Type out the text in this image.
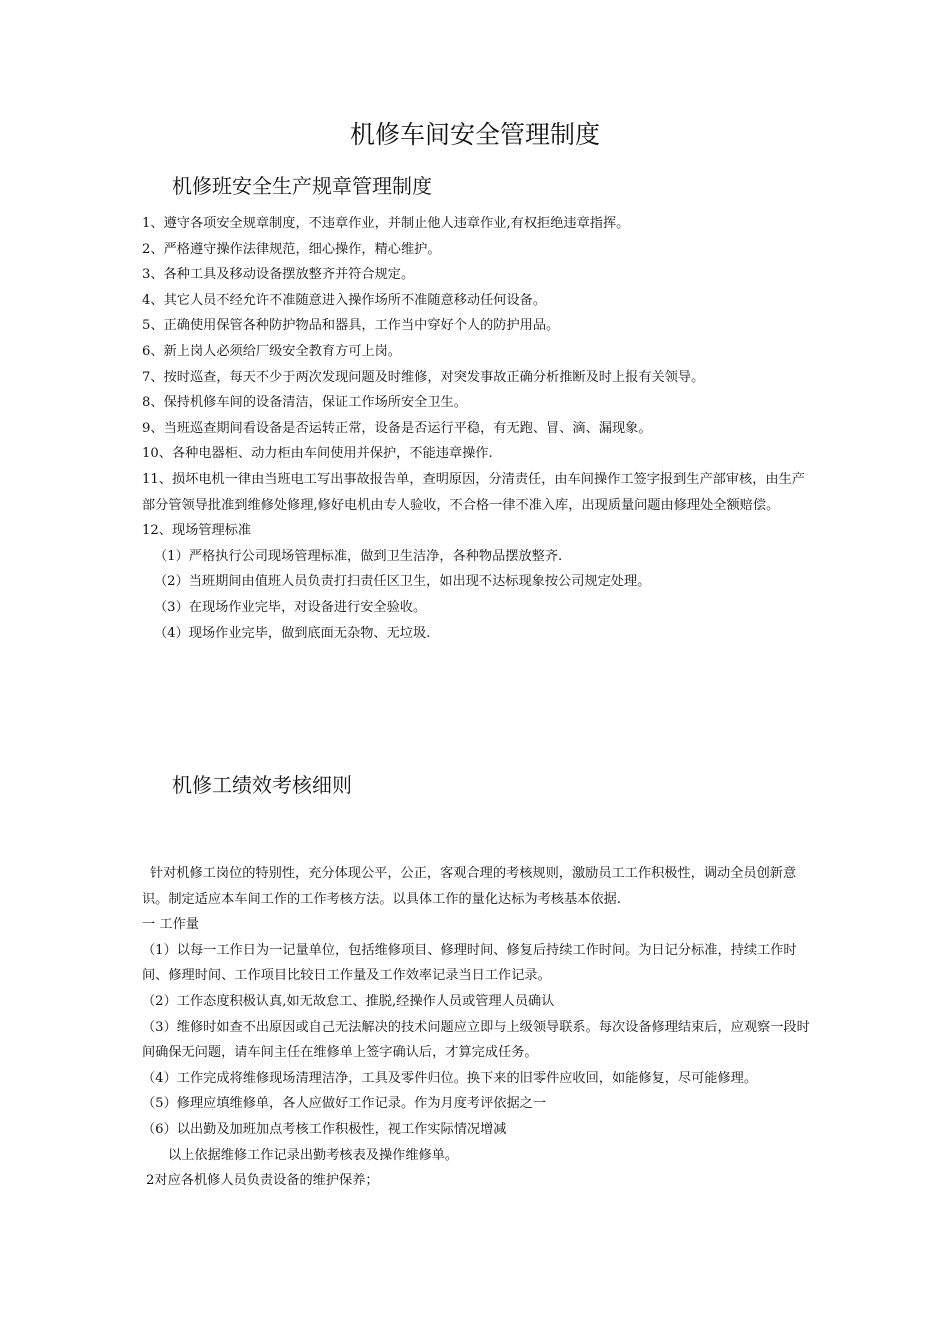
机修车间安全管理制度
机修班安全生产规章管理制度

1、遵守各项安全规章制度，不违章作业，并制止他人违章作业,有权拒绝违章指挥。

2、严格遵守操作法律规范，细心操作，精心维护。

3、各种工具及移动设备摆放整齐并符合规定。

4、其它人员不经允许不准随意进入操作场所不准随意移动任何设备。

5、正确使用保管各种防护物品和器具，工作当中穿好个人的防护用品。

6、新上岗人必须给厂级安全教育方可上岗。

7、按时巡查，每天不少于两次发现问题及时维修，对突发事故正确分析推断及时上报有关领导。

8、保持机修车间的设备清洁，保证工作场所安全卫生。

9、当班巡查期间看设备是否运转正常，设备是否运行平稳，有无跑、冒、滴、漏现象。

10、各种电器柜、动力柜由车间使用并保护，不能违章操作.

11、损坏电机一律由当班电工写出事故报告单，查明原因，分清责任，由车间操作工签字报到生产部审核，由生产部分管领导批准到维修处修理,修好电机由专人验收，不合格一律不准入库，出现质量问题由修理处全额赔偿。

12、现场管理标准

（1）严格执行公司现场管理标准，做到卫生洁净，各种物品摆放整齐.

（2）当班期间由值班人员负责打扫责任区卫生，如出现不达标现象按公司规定处理。

（3）在现场作业完毕，对设备进行安全验收。

（4）现场作业完毕，做到底面无杂物、无垃圾.

机修工绩效考核细则

针对机修工岗位的特别性，充分体现公平，公正，客观合理的考核规则，激励员工工作积极性，调动全员创新意识。制定适应本车间工作的工作考核方法。以具体工作的量化达标为考核基本依据.

一 工作量

（1）以每一工作日为一记量单位，包括维修项目、修理时间、修复后持续工作时间。为日记分标准，持续工作时间、修理时间、工作项目比较日工作量及工作效率记录当日工作记录。

（2）工作态度积极认真,如无故怠工、推脱,经操作人员或管理人员确认

（3）维修时如查不出原因或自己无法解决的技术问题应立即与上级领导联系。每次设备修理结束后，应观察一段时间确保无问题，请车间主任在维修单上签字确认后，才算完成任务。

（4）工作完成将维修现场清理洁净，工具及零件归位。换下来的旧零件应收回，如能修复，尽可能修理。

（5）修理应填维修单，各人应做好工作记录。作为月度考评依据之一

（6）以出勤及加班加点考核工作积极性，视工作实际情况增减

以上依据维修工作记录出勤考核表及操作维修单。

2对应各机修人员负责设备的维护保养；
